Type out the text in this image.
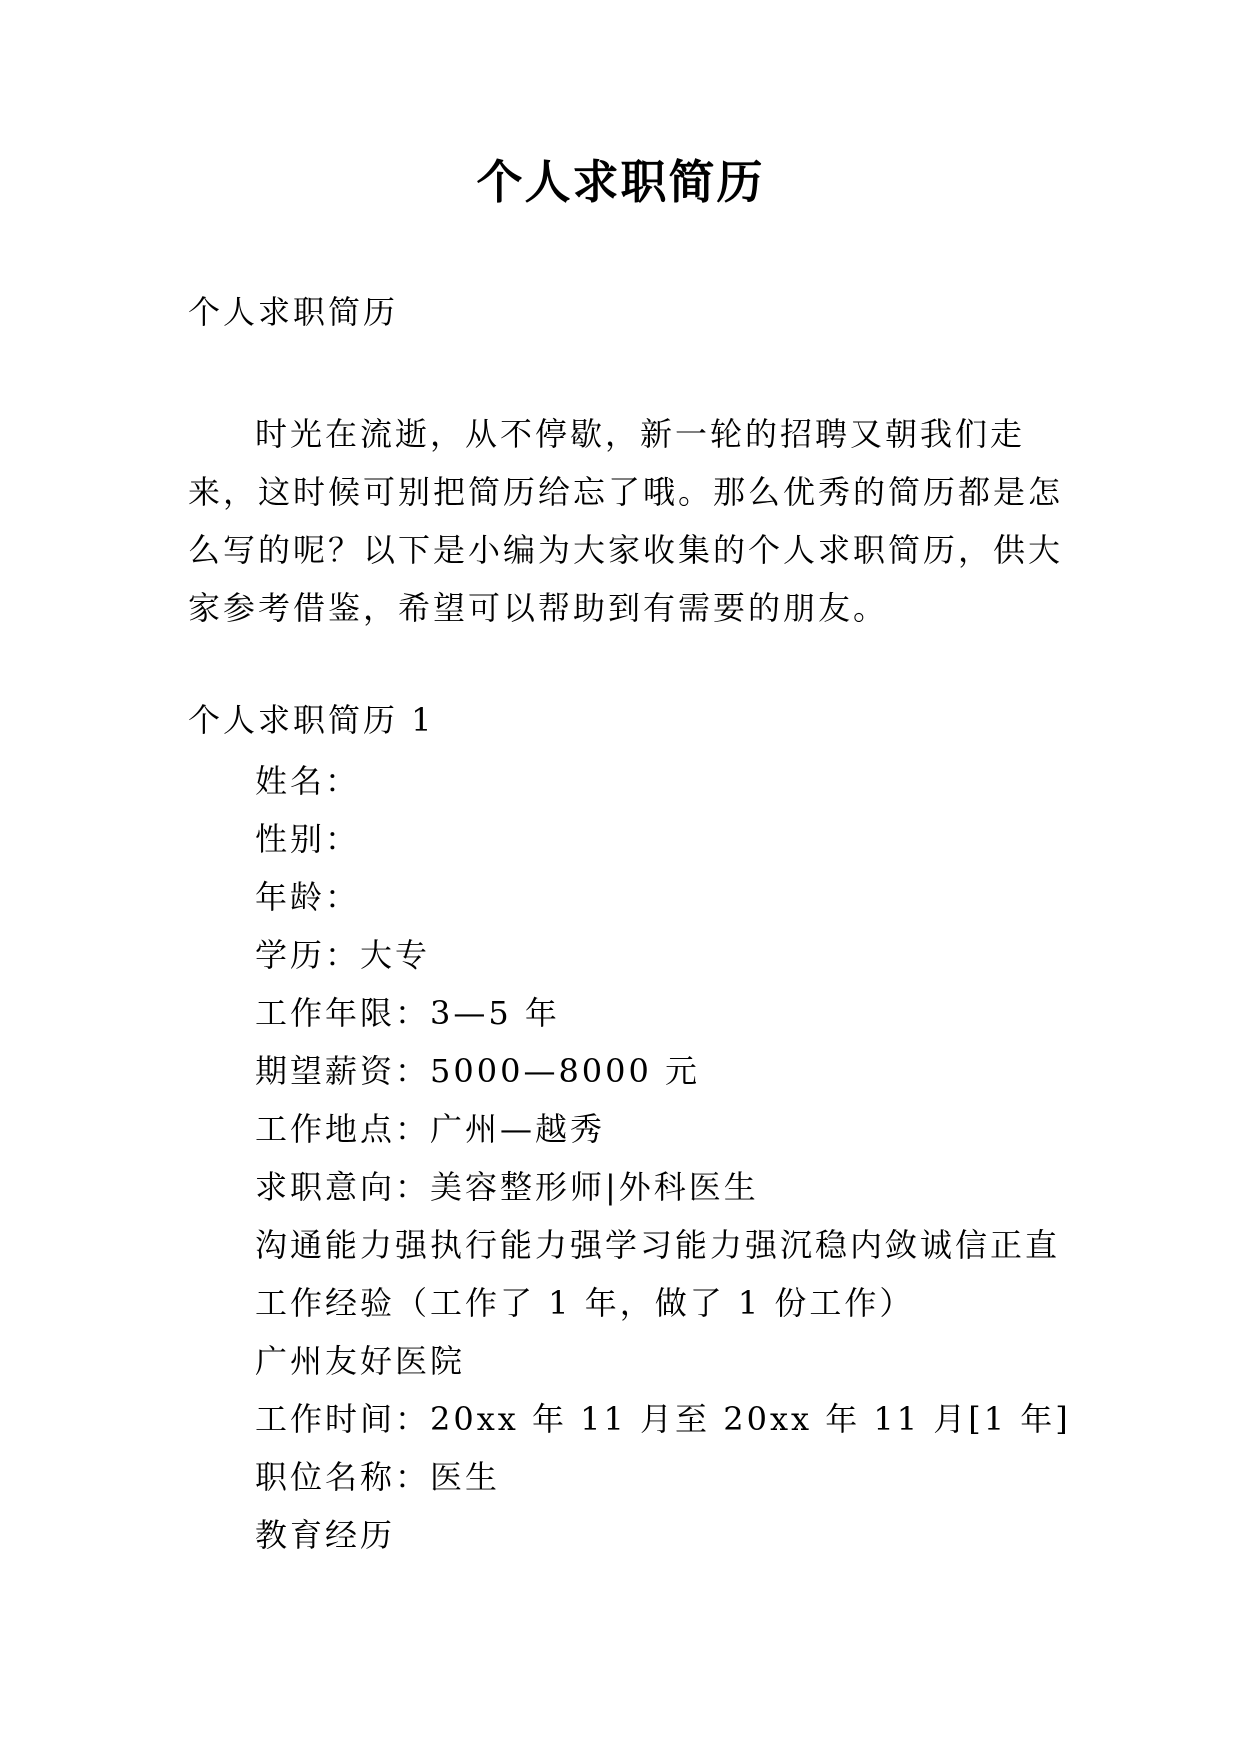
个人求职简历

个人求职简历

时光在流逝，从不停歇，新一轮的招聘又朝我们走来，这时候可别把简历给忘了哦。那么优秀的简历都是怎么写的呢？以下是小编为大家收集的个人求职简历，供大家参考借鉴，希望可以帮助到有需要的朋友。

个人求职简历 1

姓名：
性别：
年龄：
学历：大专
工作年限：3—5 年
期望薪资：5000—8000 元
工作地点：广州—越秀
求职意向：美容整形师|外科医生
沟通能力强执行能力强学习能力强沉稳内敛诚信正直
工作经验（工作了 1 年，做了 1 份工作）
广州友好医院
工作时间：20xx 年 11 月至 20xx 年 11 月[1 年]
职位名称：医生
教育经历
